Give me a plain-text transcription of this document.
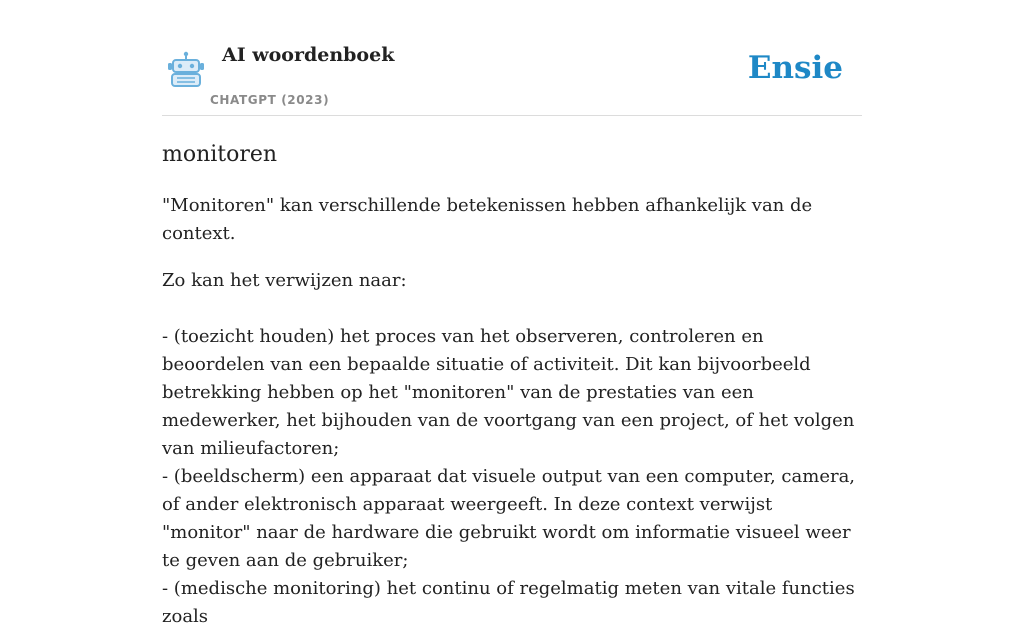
AI woordenboek
CHATGPT (2023)
Ensie
monitoren

"Monitoren" kan verschillende betekenissen hebben afhankelijk van de context.

Zo kan het verwijzen naar:

- (toezicht houden) het proces van het observeren, controleren en beoordelen van een bepaalde situatie of activiteit. Dit kan bijvoorbeeld betrekking hebben op het "monitoren" van de prestaties van een medewerker, het bijhouden van de voortgang van een project, of het volgen van milieufactoren;

- (beeldscherm) een apparaat dat visuele output van een computer, camera, of ander elektronisch apparaat weergeeft. In deze context verwijst "monitor" naar de hardware die gebruikt wordt om informatie visueel weer te geven aan de gebruiker;

- (medische monitoring) het continu of regelmatig meten van vitale functies zoals
